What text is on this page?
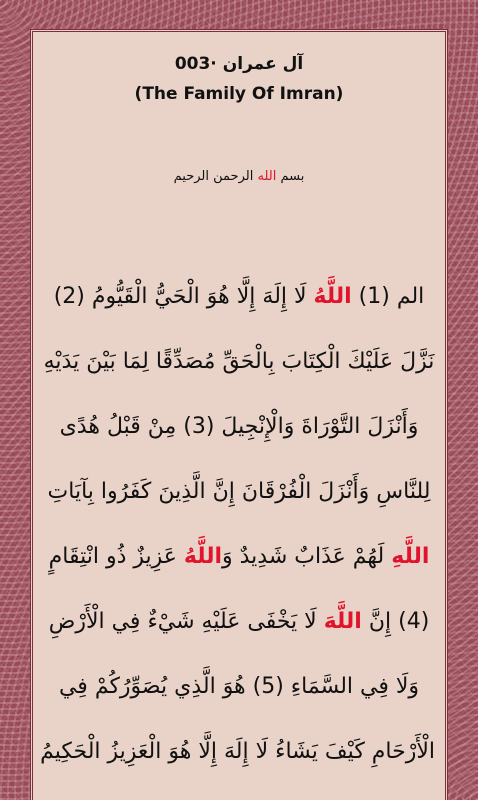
003· آل عمران
(The Family Of Imran)
بسم الله الرحمن الرحيم
الم (1) اللَّهُ لَا إِلَهَ إِلَّا هُوَ الْحَيُّ الْقَيُّومُ (2)
نَزَّلَ عَلَيْكَ الْكِتَابَ بِالْحَقِّ مُصَدِّقًا لِمَا بَيْنَ يَدَيْهِ
وَأَنْزَلَ التَّوْرَاةَ وَالْإِنْجِيلَ (3) مِنْ قَبْلُ هُدًى
لِلنَّاسِ وَأَنْزَلَ الْفُرْقَانَ إِنَّ الَّذِينَ كَفَرُوا بِآيَاتِ
اللَّهِ لَهُمْ عَذَابٌ شَدِيدٌ وَاللَّهُ عَزِيزٌ ذُو انْتِقَامٍ
(4) إِنَّ اللَّهَ لَا يَخْفَى عَلَيْهِ شَيْءٌ فِي الْأَرْضِ
وَلَا فِي السَّمَاءِ (5) هُوَ الَّذِي يُصَوِّرُكُمْ فِي
الْأَرْحَامِ كَيْفَ يَشَاءُ لَا إِلَهَ إِلَّا هُوَ الْعَزِيزُ الْحَكِيمُ
